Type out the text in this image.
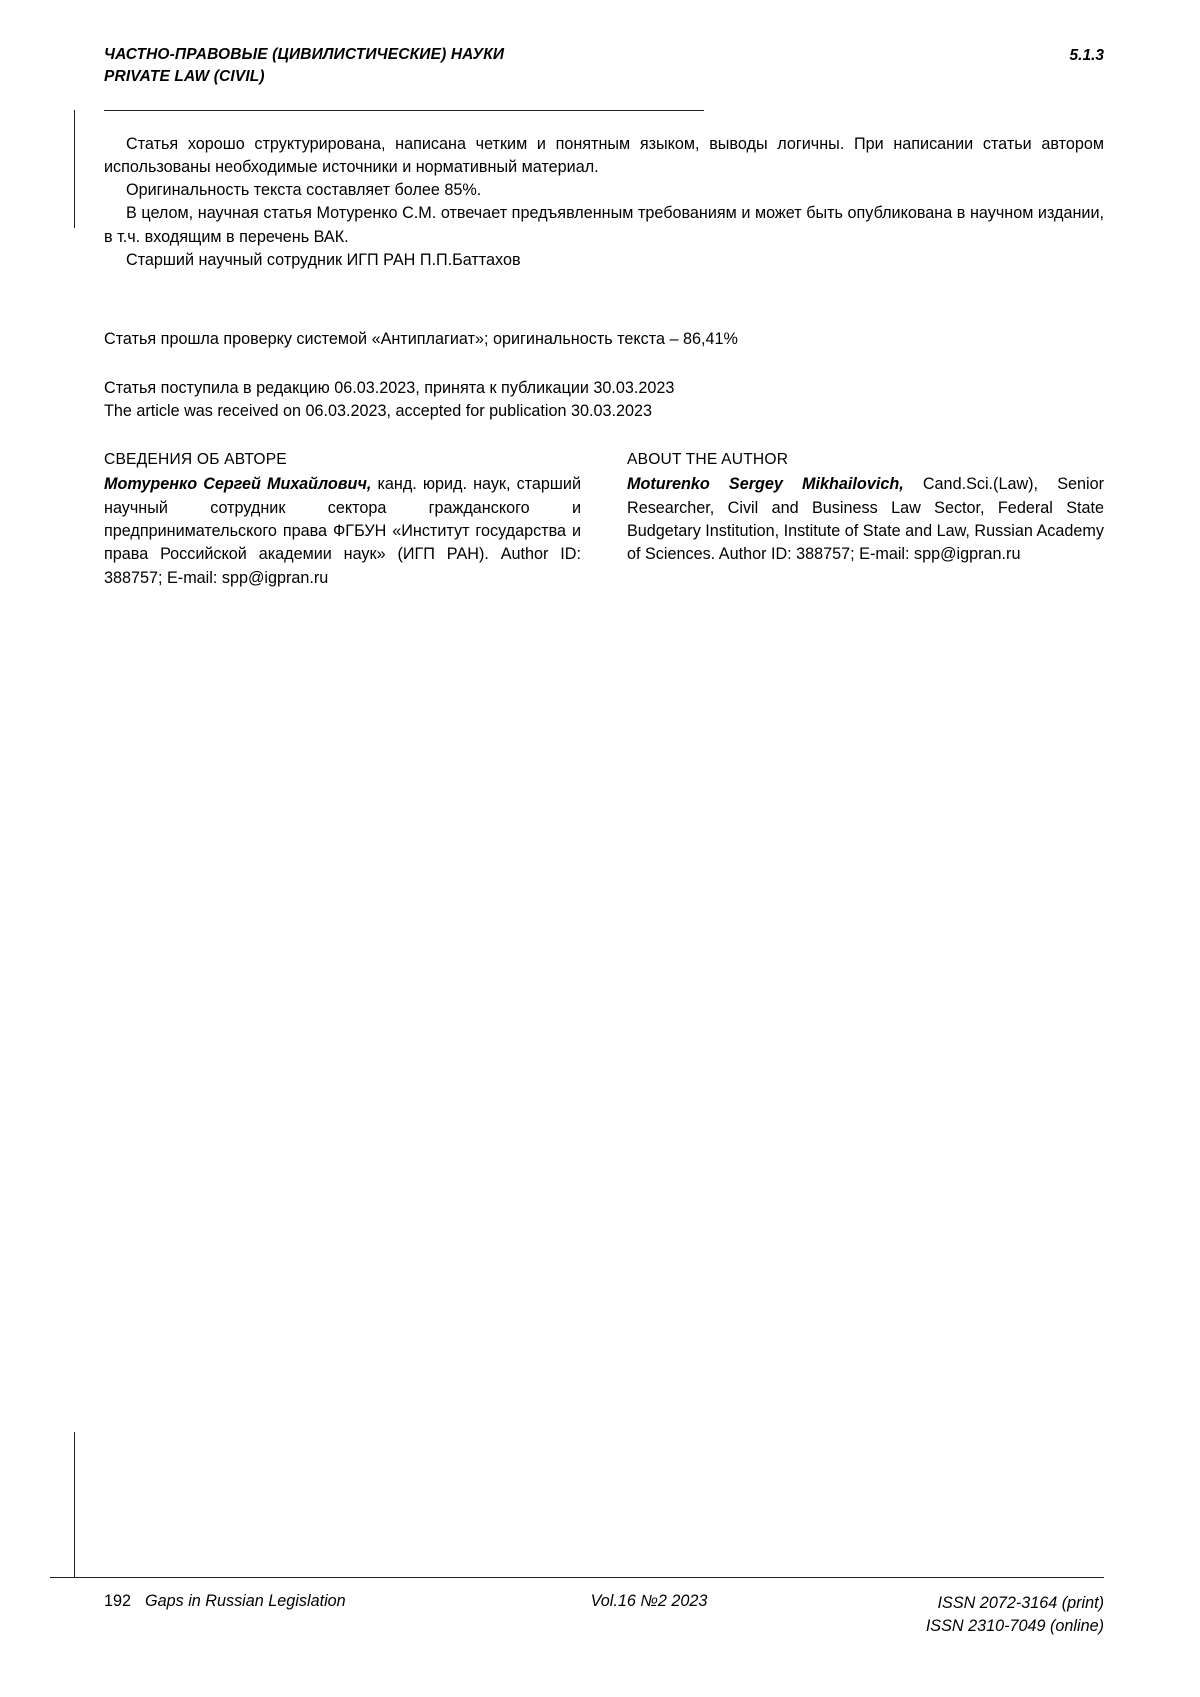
ЧАСТНО-ПРАВОВЫЕ (ЦИВИЛИСТИЧЕСКИЕ) НАУКИ
PRIVATE LAW (CIVIL)
5.1.3

Статья хорошо структурирована, написана четким и понятным языком, выводы логичны. При написании статьи автором использованы необходимые источники и нормативный материал.

Оригинальность текста составляет более 85%.

В целом, научная статья Мотуренко С.М. отвечает предъявленным требованиям и может быть опубликована в научном издании, в т.ч. входящим в перечень ВАК.

Старший научный сотрудник ИГП РАН П.П.Баттахов

Статья прошла проверку системой «Антиплагиат»; оригинальность текста – 86,41%

Статья поступила в редакцию 06.03.2023, принята к публикации 30.03.2023

The article was received on 06.03.2023, accepted for publication 30.03.2023

СВЕДЕНИЯ ОБ АВТОРЕ

Мотуренко Сергей Михайлович, канд. юрид. наук, старший научный сотрудник сектора гражданского и предпринимательского права ФГБУН «Институт государства и права Российской академии наук» (ИГП РАН). Author ID: 388757; E-mail: spp@igpran.ru

ABOUT THE AUTHOR

Moturenko Sergey Mikhailovich, Cand.Sci.(Law), Senior Researcher, Civil and Business Law Sector, Federal State Budgetary Institution, Institute of State and Law, Russian Academy of Sciences. Author ID: 388757; E-mail: spp@igpran.ru

192 Gaps in Russian Legislation	Vol.16 №2 2023	ISSN 2072-3164 (print)
ISSN 2310-7049 (online)
